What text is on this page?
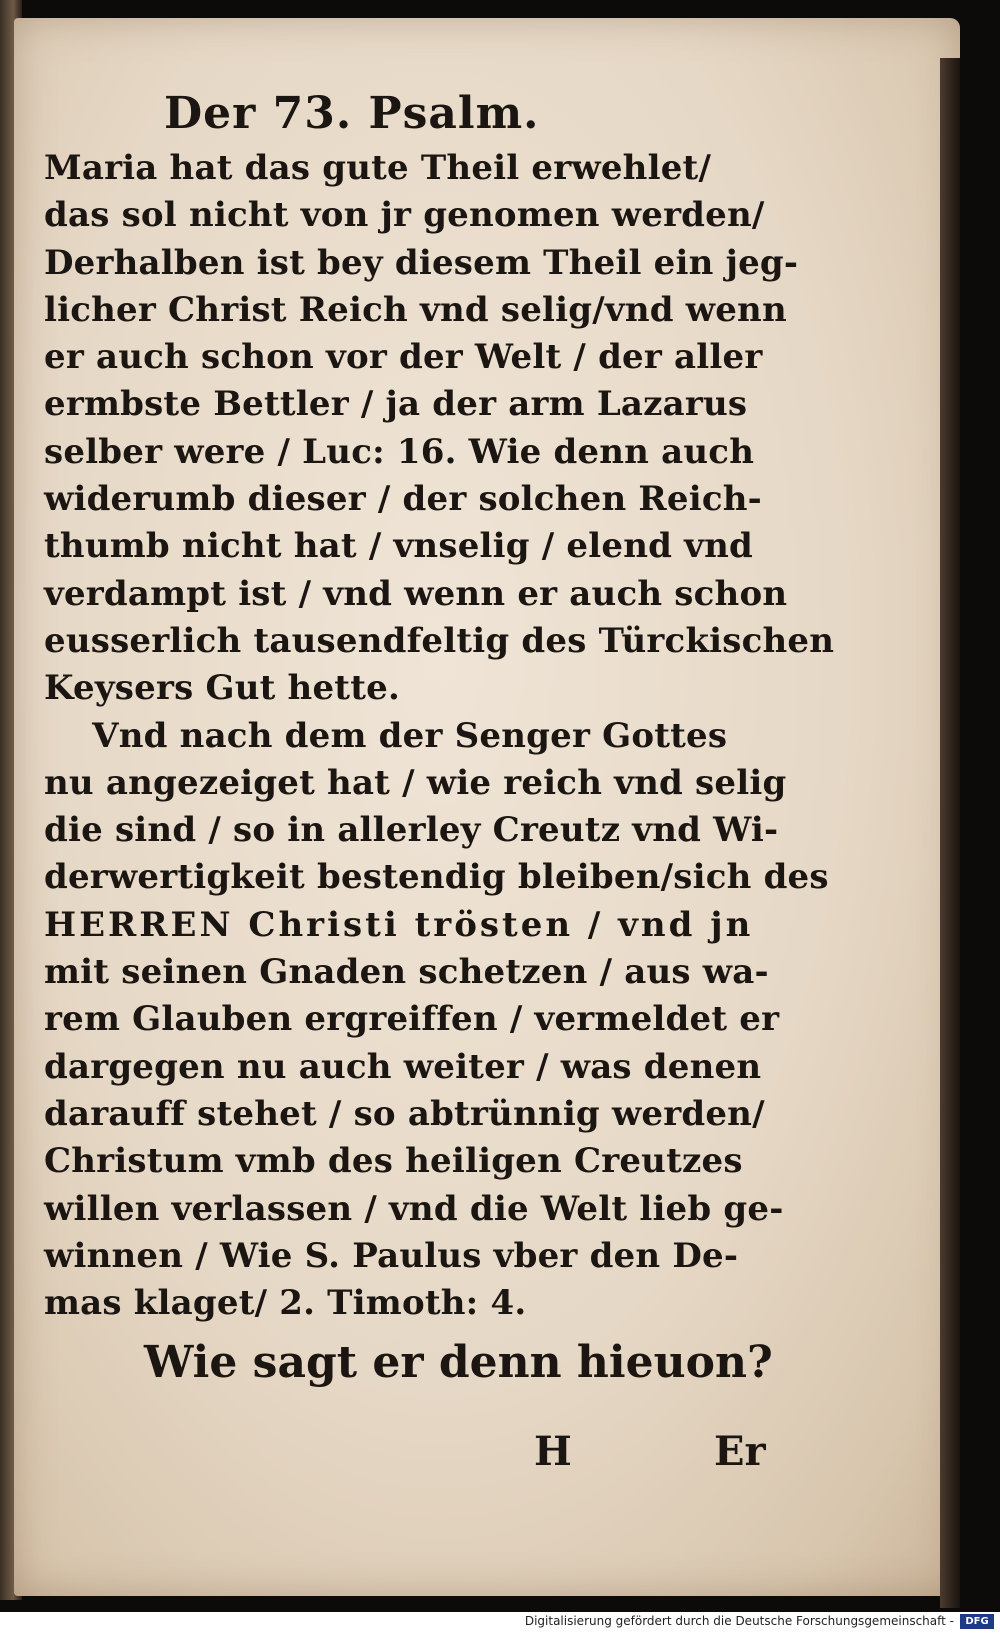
Der 73. Psalm.
Maria hat das gute Theil erwehlet/
das sol nicht von jr genomen werden/
Derhalben ist bey diesem Theil ein jeg-
licher Christ Reich vnd selig/vnd wenn
er auch schon vor der Welt / der aller
ermbste Bettler / ja der arm Lazarus
selber were / Luc: 16. Wie denn auch
widerumb dieser / der solchen Reich-
thumb nicht hat / vnselig / elend vnd
verdampt ist / vnd wenn er auch schon
eusserlich tausendfeltig des Türckischen
Keysers Gut hette.
Vnd nach dem der Senger Gottes
nu angezeiget hat / wie reich vnd selig
die sind / so in allerley Creutz vnd Wi-
derwertigkeit bestendig bleiben/sich des
HERREN Christi trösten / vnd jn
mit seinen Gnaden schetzen / aus wa-
rem Glauben ergreiffen / vermeldet er
dargegen nu auch weiter / was denen
darauff stehet / so abtrünnig werden/
Christum vmb des heiligen Creutzes
willen verlassen / vnd die Welt lieb ge-
winnen / Wie S. Paulus vber den De-
mas klaget/ 2. Timoth: 4.
Wie sagt er denn hieuon?
H	Er
Digitalisierung gefördert durch die Deutsche Forschungsgemeinschaft -	DFG
